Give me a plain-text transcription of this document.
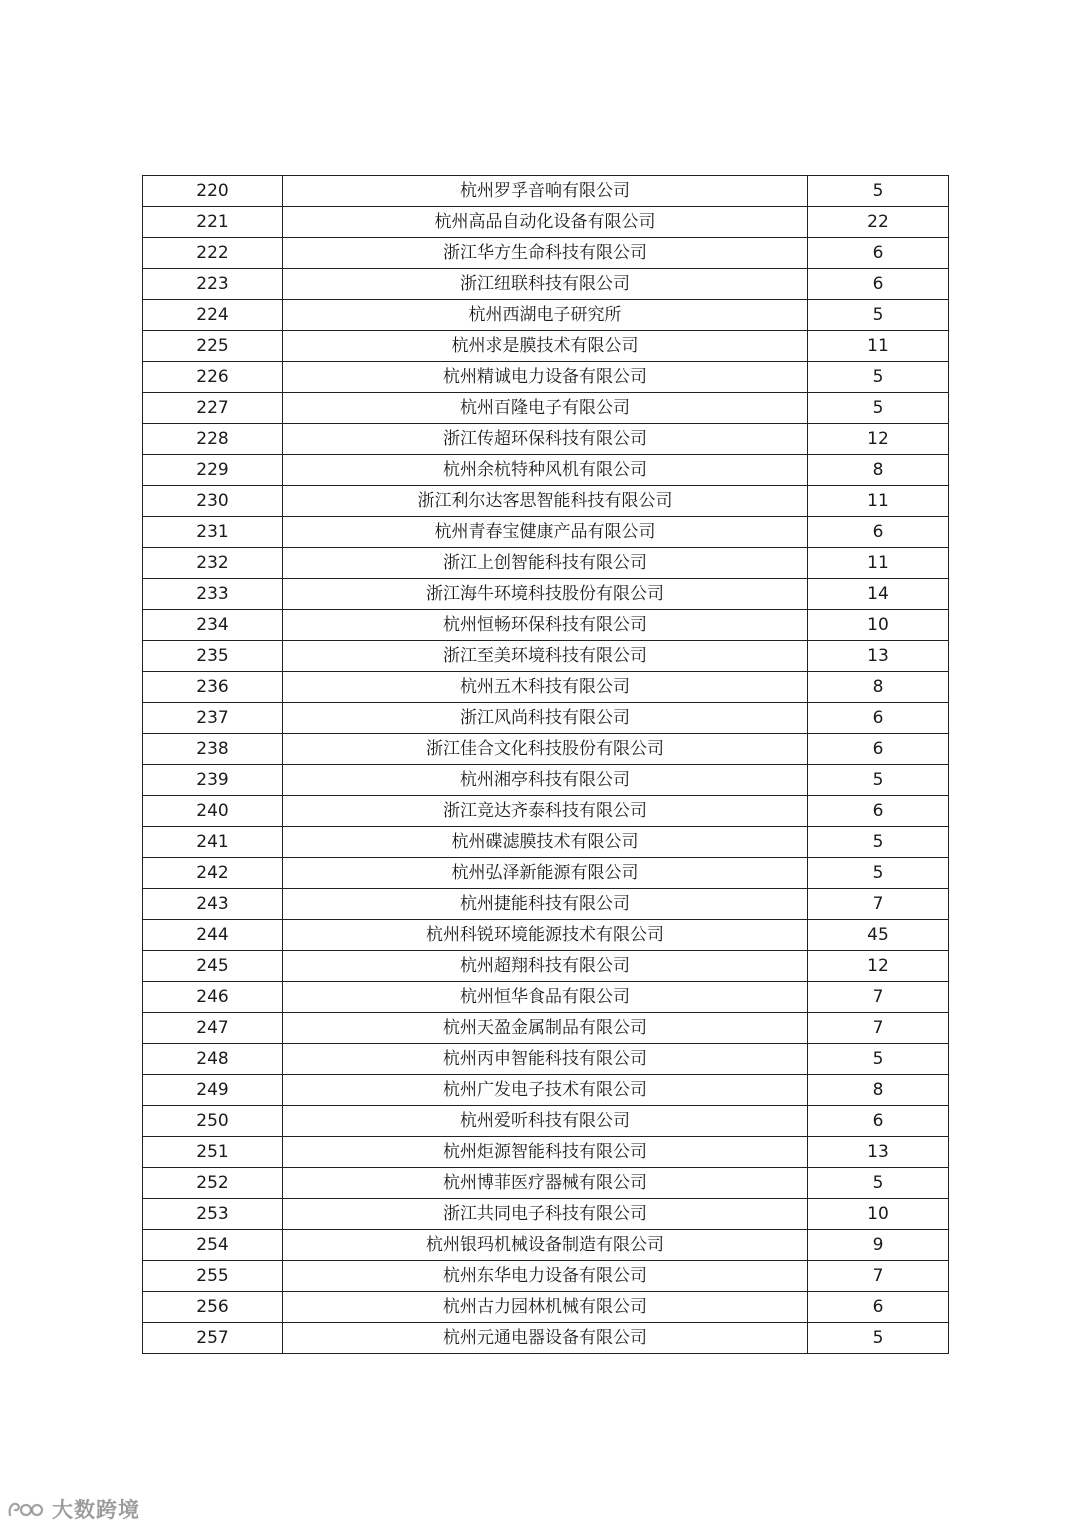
220	杭州罗孚音响有限公司	5
221	杭州高品自动化设备有限公司	22
222	浙江华方生命科技有限公司	6
223	浙江纽联科技有限公司	6
224	杭州西湖电子研究所	5
225	杭州求是膜技术有限公司	11
226	杭州精诚电力设备有限公司	5
227	杭州百隆电子有限公司	5
228	浙江传超环保科技有限公司	12
229	杭州余杭特种风机有限公司	8
230	浙江利尔达客思智能科技有限公司	11
231	杭州青春宝健康产品有限公司	6
232	浙江上创智能科技有限公司	11
233	浙江海牛环境科技股份有限公司	14
234	杭州恒畅环保科技有限公司	10
235	浙江至美环境科技有限公司	13
236	杭州五木科技有限公司	8
237	浙江风尚科技有限公司	6
238	浙江佳合文化科技股份有限公司	6
239	杭州湘亭科技有限公司	5
240	浙江竞达齐泰科技有限公司	6
241	杭州碟滤膜技术有限公司	5
242	杭州弘泽新能源有限公司	5
243	杭州捷能科技有限公司	7
244	杭州科锐环境能源技术有限公司	45
245	杭州超翔科技有限公司	12
246	杭州恒华食品有限公司	7
247	杭州天盈金属制品有限公司	7
248	杭州丙申智能科技有限公司	5
249	杭州广发电子技术有限公司	8
250	杭州爱听科技有限公司	6
251	杭州炬源智能科技有限公司	13
252	杭州博菲医疗器械有限公司	5
253	浙江共同电子科技有限公司	10
254	杭州银玛机械设备制造有限公司	9
255	杭州东华电力设备有限公司	7
256	杭州古力园林机械有限公司	6
257	杭州元通电器设备有限公司	5
大数跨境
